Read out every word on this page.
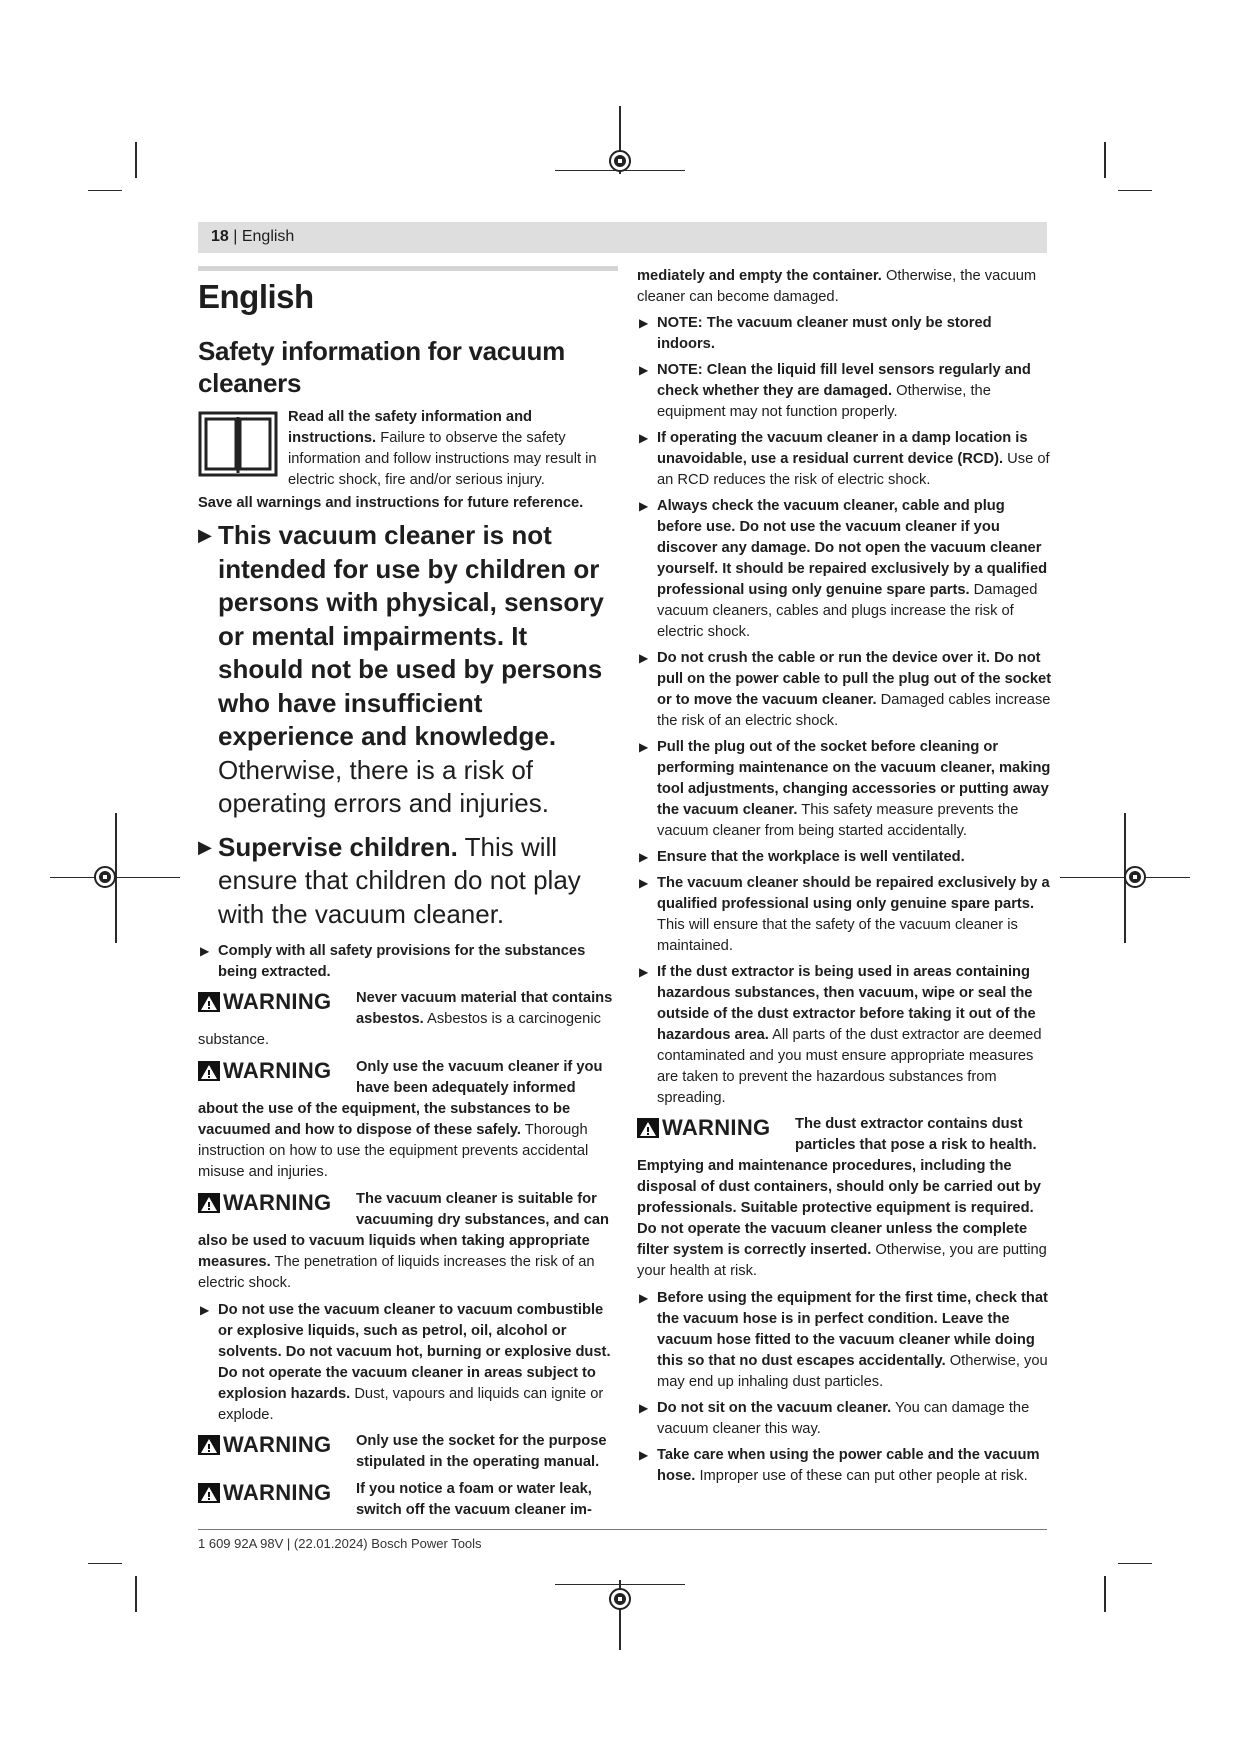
18 | English
English
Safety information for vacuum cleaners

Read all the safety information and instructions. Failure to observe the safety information and follow instructions may result in electric shock, fire and/or serious injury.

Save all warnings and instructions for future reference.

▶ This vacuum cleaner is not intended for use by children or persons with physical, sensory or mental impairments. It should not be used by persons who have insufficient experience and knowledge. Otherwise, there is a risk of operating errors and injuries.
▶ Supervise children. This will ensure that children do not play with the vacuum cleaner.
▶ Comply with all safety provisions for the substances being extracted.
WARNING Never vacuum material that contains asbestos. Asbestos is a carcinogenic substance.
WARNING Only use the vacuum cleaner if you have been adequately informed about the use of the equipment, the substances to be vacuumed and how to dispose of these safely. Thorough instruction on how to use the equipment prevents accidental misuse and injuries.
WARNING The vacuum cleaner is suitable for vacuuming dry substances, and can also be used to vacuum liquids when taking appropriate measures. The penetration of liquids increases the risk of an electric shock.
▶ Do not use the vacuum cleaner to vacuum combustible or explosive liquids, such as petrol, oil, alcohol or solvents. Do not vacuum hot, burning or explosive dust. Do not operate the vacuum cleaner in areas subject to explosion hazards. Dust, vapours and liquids can ignite or explode.
WARNING Only use the socket for the purpose stipulated in the operating manual.
WARNING If you notice a foam or water leak, switch off the vacuum cleaner im-

mediately and empty the container. Otherwise, the vacuum cleaner can become damaged.

▶ NOTE: The vacuum cleaner must only be stored indoors.
▶ NOTE: Clean the liquid fill level sensors regularly and check whether they are damaged. Otherwise, the equipment may not function properly.
▶ If operating the vacuum cleaner in a damp location is unavoidable, use a residual current device (RCD). Use of an RCD reduces the risk of electric shock.
▶ Always check the vacuum cleaner, cable and plug before use. Do not use the vacuum cleaner if you discover any damage. Do not open the vacuum cleaner yourself. It should be repaired exclusively by a qualified professional using only genuine spare parts. Damaged vacuum cleaners, cables and plugs increase the risk of electric shock.
▶ Do not crush the cable or run the device over it. Do not pull on the power cable to pull the plug out of the socket or to move the vacuum cleaner. Damaged cables increase the risk of an electric shock.
▶ Pull the plug out of the socket before cleaning or performing maintenance on the vacuum cleaner, making tool adjustments, changing accessories or putting away the vacuum cleaner. This safety measure prevents the vacuum cleaner from being started accidentally.
▶ Ensure that the workplace is well ventilated.
▶ The vacuum cleaner should be repaired exclusively by a qualified professional using only genuine spare parts. This will ensure that the safety of the vacuum cleaner is maintained.
▶ If the dust extractor is being used in areas containing hazardous substances, then vacuum, wipe or seal the outside of the dust extractor before taking it out of the hazardous area. All parts of the dust extractor are deemed contaminated and you must ensure appropriate measures are taken to prevent the hazardous substances from spreading.
WARNING The dust extractor contains dust particles that pose a risk to health. Emptying and maintenance procedures, including the disposal of dust containers, should only be carried out by professionals. Suitable protective equipment is required. Do not operate the vacuum cleaner unless the complete filter system is correctly inserted. Otherwise, you are putting your health at risk.
▶ Before using the equipment for the first time, check that the vacuum hose is in perfect condition. Leave the vacuum hose fitted to the vacuum cleaner while doing this so that no dust escapes accidentally. Otherwise, you may end up inhaling dust particles.
▶ Do not sit on the vacuum cleaner. You can damage the vacuum cleaner this way.
▶ Take care when using the power cable and the vacuum hose. Improper use of these can put other people at risk.
1 609 92A 98V | (22.01.2024) Bosch Power Tools
